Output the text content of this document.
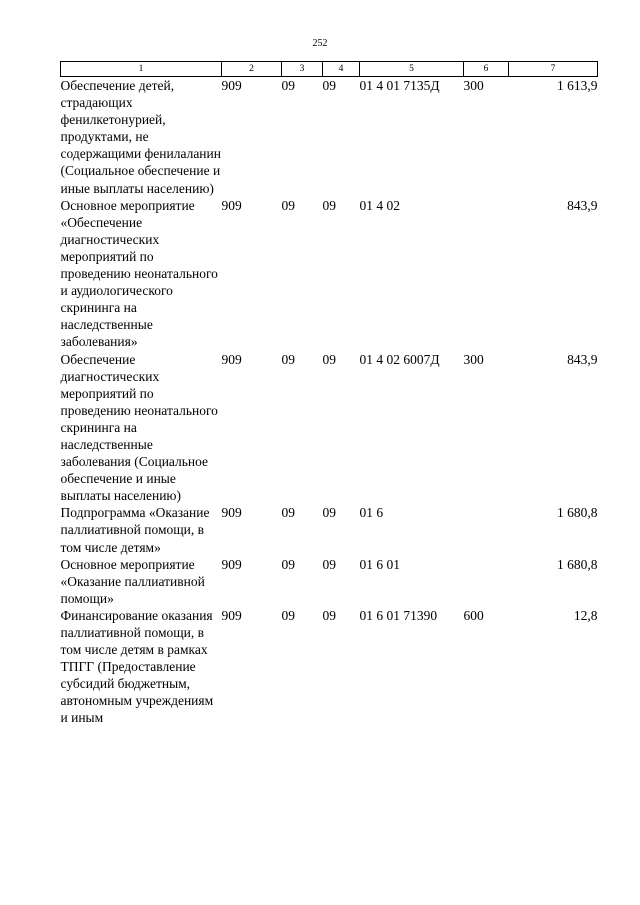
252
1	2	3	4	5	6	7
Обеспечение детей, страдающих фенилкетонурией, продуктами, не содержащими фенилаланин (Социальное обеспечение и иные выплаты населению)	909	09	09	01 4 01 7135Д	300	1 613,9
Основное мероприятие «Обеспечение диагностических мероприятий по проведению неонатального и аудиологического скрининга на наследственные заболевания»	909	09	09	01 4 02		843,9
Обеспечение диагностических мероприятий по проведению неонатального скрининга на наследственные заболевания (Социальное обеспечение и иные выплаты населению)	909	09	09	01 4 02 6007Д	300	843,9
Подпрограмма «Оказание паллиативной помощи, в том числе детям»	909	09	09	01 6		1 680,8
Основное мероприятие «Оказание паллиативной помощи»	909	09	09	01 6 01		1 680,8
Финансирование оказания паллиативной помощи, в том числе детям в рамках ТПГГ (Предоставление субсидий бюджетным, автономным учреждениям и иным	909	09	09	01 6 01 71390	600	12,8
